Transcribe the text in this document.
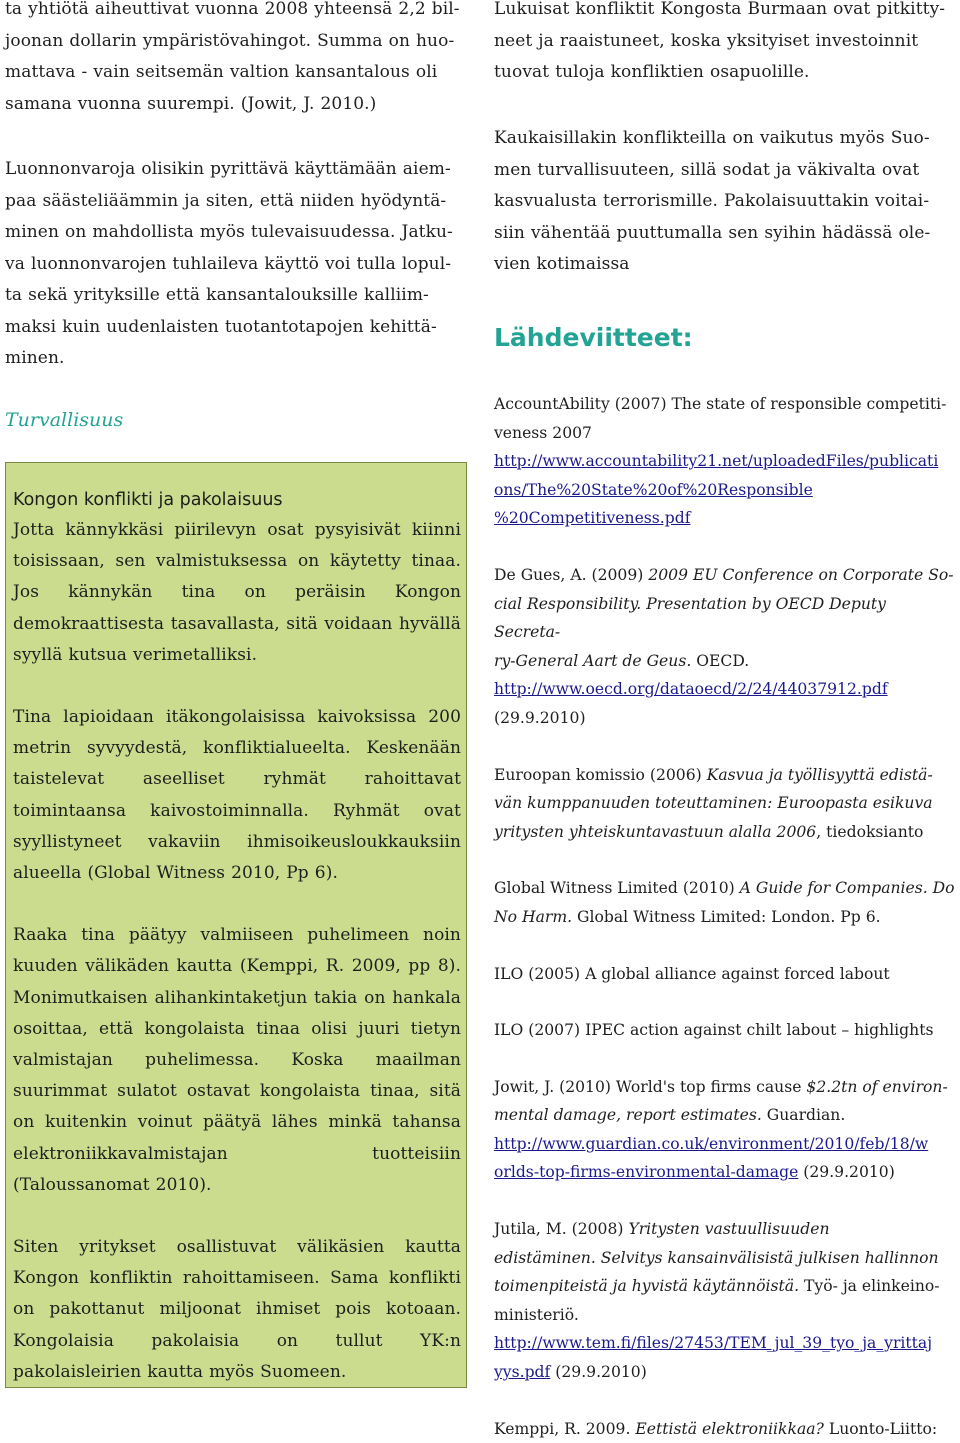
ta yhtiötä aiheuttivat vuonna 2008 yhteensä 2,2 bil-

joonan dollarin ympäristövahingot. Summa on huo-

mattava - vain seitsemän valtion kansantalous oli

samana vuonna suurempi. (Jowit, J. 2010.)

Luonnonvaroja olisikin pyrittävä käyttämään aiem-

paa säästeliäämmin ja siten, että niiden hyödyntä-

minen on mahdollista myös tulevaisuudessa. Jatku-

va luonnonvarojen tuhlaileva käyttö voi tulla lopul-

ta sekä yrityksille että kansantalouksille kalliim-

maksi kuin uudenlaisten tuotantotapojen kehittä-

minen.

Turvallisuus

Kongon konflikti ja pakolaisuus

Jotta kännykkäsi piirilevyn osat pysyisivät kiinni toisissaan, sen valmistuksessa on käytetty tinaa. Jos kännykän tina on peräisin Kongon demokraattisesta tasavallasta, sitä voidaan hyvällä syyllä kutsua verimetalliksi.

Tina lapioidaan itäkongolaisissa kaivoksissa 200 metrin syvyydestä, konfliktialueelta. Keskenään taistelevat aseelliset ryhmät rahoittavat toimintaansa kaivostoiminnalla. Ryhmät ovat syyllistyneet vakaviin ihmisoikeusloukkauksiin alueella (Global Witness 2010, Pp 6).

Raaka tina päätyy valmiiseen puhelimeen noin kuuden välikäden kautta (Kemppi, R. 2009, pp 8). Monimutkaisen alihankintaketjun takia on hankala osoittaa, että kongolaista tinaa olisi juuri tietyn valmistajan puhelimessa. Koska maailman suurimmat sulatot ostavat kongolaista tinaa, sitä on kuitenkin voinut päätyä lähes minkä tahansa elektroniikkavalmistajan tuotteisiin (Taloussanomat 2010).

Siten yritykset osallistuvat välikäsien kautta Kongon konfliktin rahoittamiseen. Sama konflikti on pakottanut miljoonat ihmiset pois kotoaan. Kongolaisia pakolaisia on tullut YK:n pakolaisleirien kautta myös Suomeen.

Lukuisat konfliktit Kongosta Burmaan ovat pitkitty-

neet ja raaistuneet, koska yksityiset investoinnit

tuovat tuloja konfliktien osapuolille.

Kaukaisillakin konflikteilla on vaikutus myös Suo-

men turvallisuuteen, sillä sodat ja väkivalta ovat

kasvualusta terrorismille. Pakolaisuuttakin voitai-

siin vähentää puuttumalla sen syihin hädässä ole-

vien kotimaissa

Lähdeviitteet:

AccountAbility (2007) The state of responsible competiti-

veness 2007

http://www.accountability21.net/uploadedFiles/publicati

ons/The%20State%20of%20Responsible

%20Competitiveness.pdf

De Gues, A. (2009) 2009 EU Conference on Corporate So-

cial Responsibility. Presentation by OECD Deputy Secreta-

ry-General Aart de Geus. OECD.

http://www.oecd.org/dataoecd/2/24/44037912.pdf

(29.9.2010)

Euroopan komissio (2006) Kasvua ja työllisyyttä edistä-

vän kumppanuuden toteuttaminen: Euroopasta esikuva

yritysten yhteiskuntavastuun alalla 2006, tiedoksianto

Global Witness Limited (2010) A Guide for Companies. Do

No Harm. Global Witness Limited: London. Pp 6.

ILO (2005) A global alliance against forced labout

ILO (2007) IPEC action against chilt labout – highlights

Jowit, J. (2010) World's top firms cause $2.2tn of environ-

mental damage, report estimates. Guardian.

http://www.guardian.co.uk/environment/2010/feb/18/w

orlds-top-firms-environmental-damage (29.9.2010)

Jutila, M. (2008) Yritysten vastuullisuuden

edistäminen. Selvitys kansainvälisistä julkisen hallinnon

toimenpiteistä ja hyvistä käytännöistä. Työ- ja elinkeino-

ministeriö.

http://www.tem.fi/files/27453/TEM_jul_39_tyo_ja_yrittaj

yys.pdf (29.9.2010)

Kemppi, R. 2009. Eettistä elektroniikkaa? Luonto-Liitto:
